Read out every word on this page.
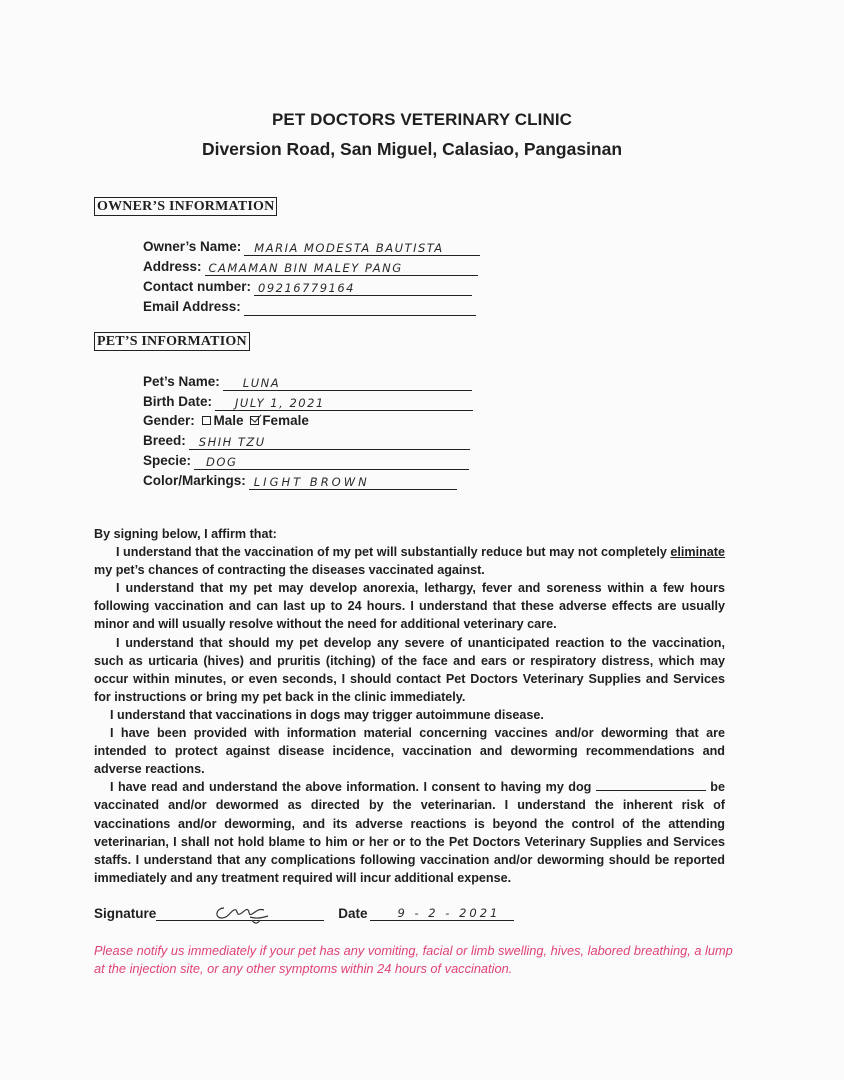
PET DOCTORS VETERINARY CLINIC
Diversion Road, San Miguel, Calasiao, Pangasinan
OWNER’S INFORMATION
Owner’s Name: MARIA MODESTA BAUTISTA
Address: CAMAMAN BIN MALEY PANG
Contact number: 09216779164
Email Address:
PET’S INFORMATION
Pet’s Name: LUNA
Birth Date: JULY 1, 2021
Gender: Male Female
Breed: SHIH TZU
Specie: DOG
Color/Markings: LIGHT BROWN

By signing below, I affirm that:

I understand that the vaccination of my pet will substantially reduce but may not completely eliminate my pet’s chances of contracting the diseases vaccinated against.

I understand that my pet may develop anorexia, lethargy, fever and soreness within a few hours following vaccination and can last up to 24 hours. I understand that these adverse effects are usually minor and will usually resolve without the need for additional veterinary care.

I understand that should my pet develop any severe of unanticipated reaction to the vaccination, such as urticaria (hives) and pruritis (itching) of the face and ears or respiratory distress, which may occur within minutes, or even seconds, I should contact Pet Doctors Veterinary Supplies and Services for instructions or bring my pet back in the clinic immediately.

I understand that vaccinations in dogs may trigger autoimmune disease.

I have been provided with information material concerning vaccines and/or deworming that are intended to protect against disease incidence, vaccination and deworming recommendations and adverse reactions.

I have read and understand the above information. I consent to having my dog	be vaccinated and/or dewormed as directed by the veterinarian. I understand the inherent risk of vaccinations and/or deworming, and its adverse reactions is beyond the control of the attending veterinarian, I shall not hold blame to him or her or to the Pet Doctors Veterinary Supplies and Services staffs. I understand that any complications following vaccination and/or deworming should be reported immediately and any treatment required will incur additional expense.

Signature	Date	9 - 2 - 2021
Please notify us immediately if your pet has any vomiting, facial or limb swelling, hives, labored breathing, a lump at the injection site, or any other symptoms within 24 hours of vaccination.
